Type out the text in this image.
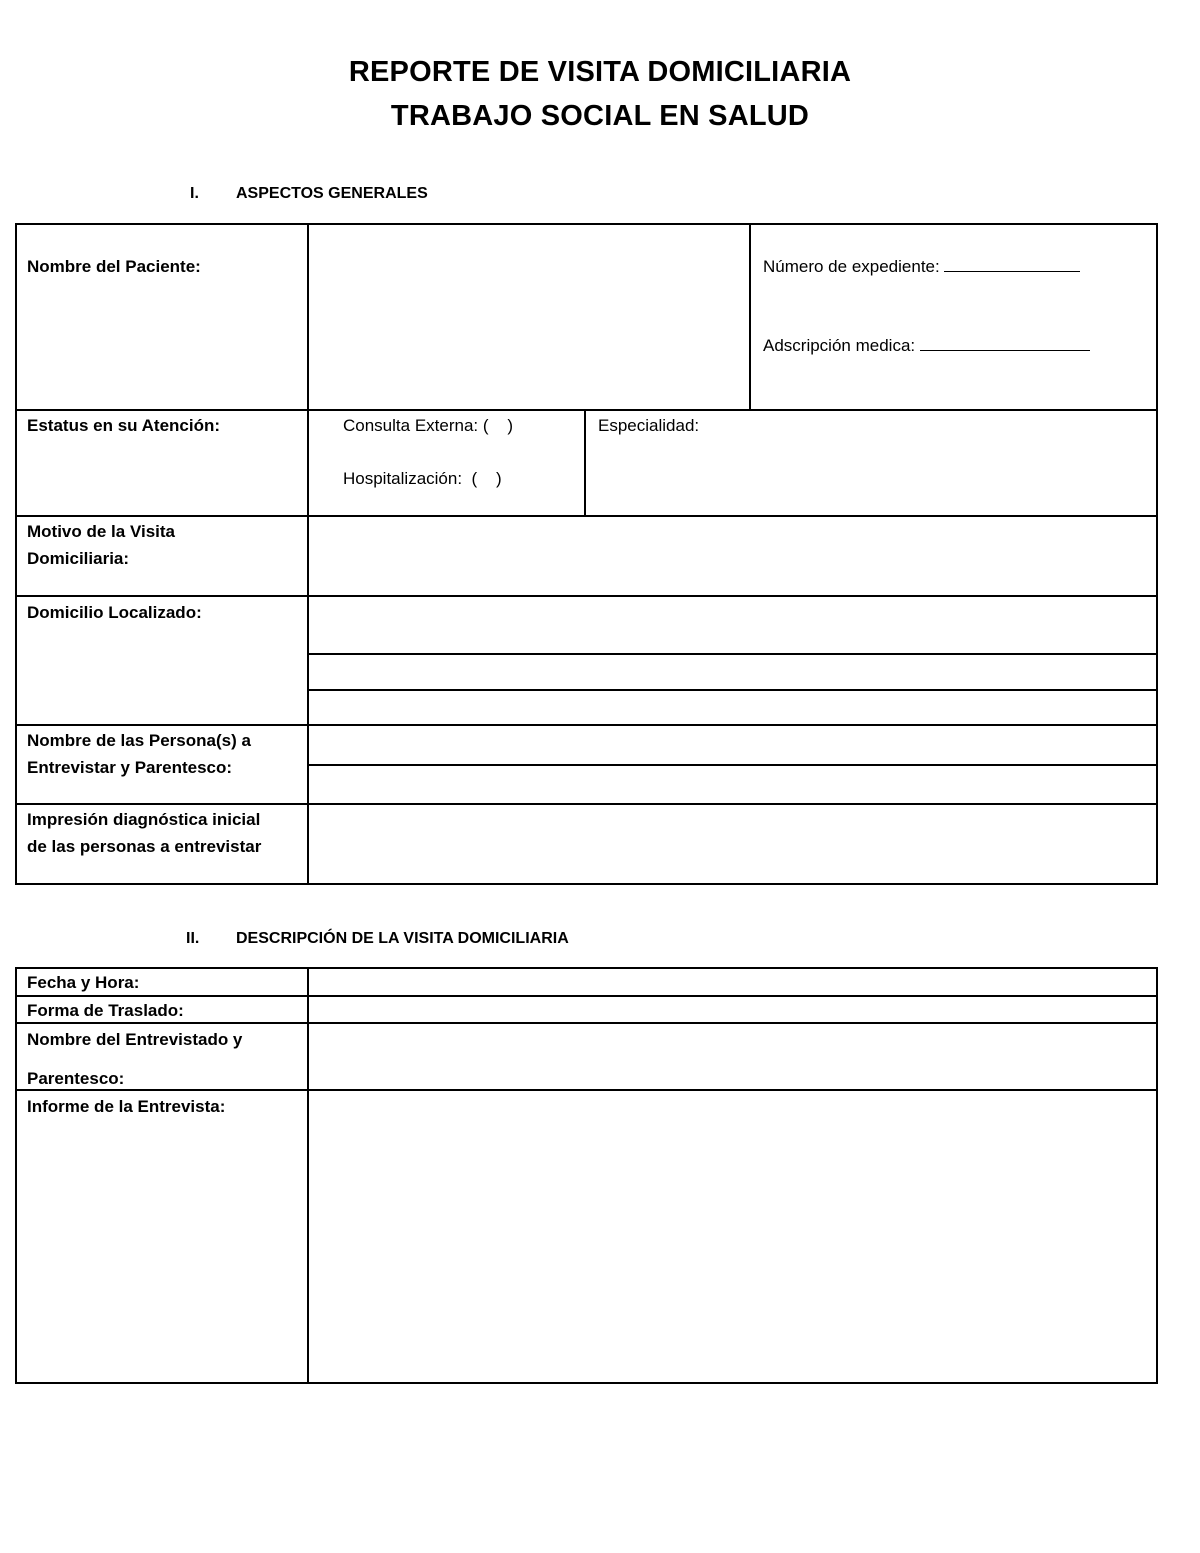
REPORTE DE VISITA DOMICILIARIA
TRABAJO SOCIAL EN SALUD
I. ASPECTOS GENERALES
Nombre del Paciente:	Número de expediente:
Adscripción medica:
Estatus en su Atención:	Consulta Externa: (    )
Hospitalización:  (    )
Especialidad:
Motivo de la Visita
Domiciliaria:
Domicilio Localizado:
Nombre de las Persona(s) a
Entrevistar y Parentesco:
Impresión diagnóstica inicial
de las personas a entrevistar
II. DESCRIPCIÓN DE LA VISITA DOMICILIARIA
Fecha y Hora:
Forma de Traslado:
Nombre del Entrevistado y
Parentesco:
Informe de la Entrevista:
